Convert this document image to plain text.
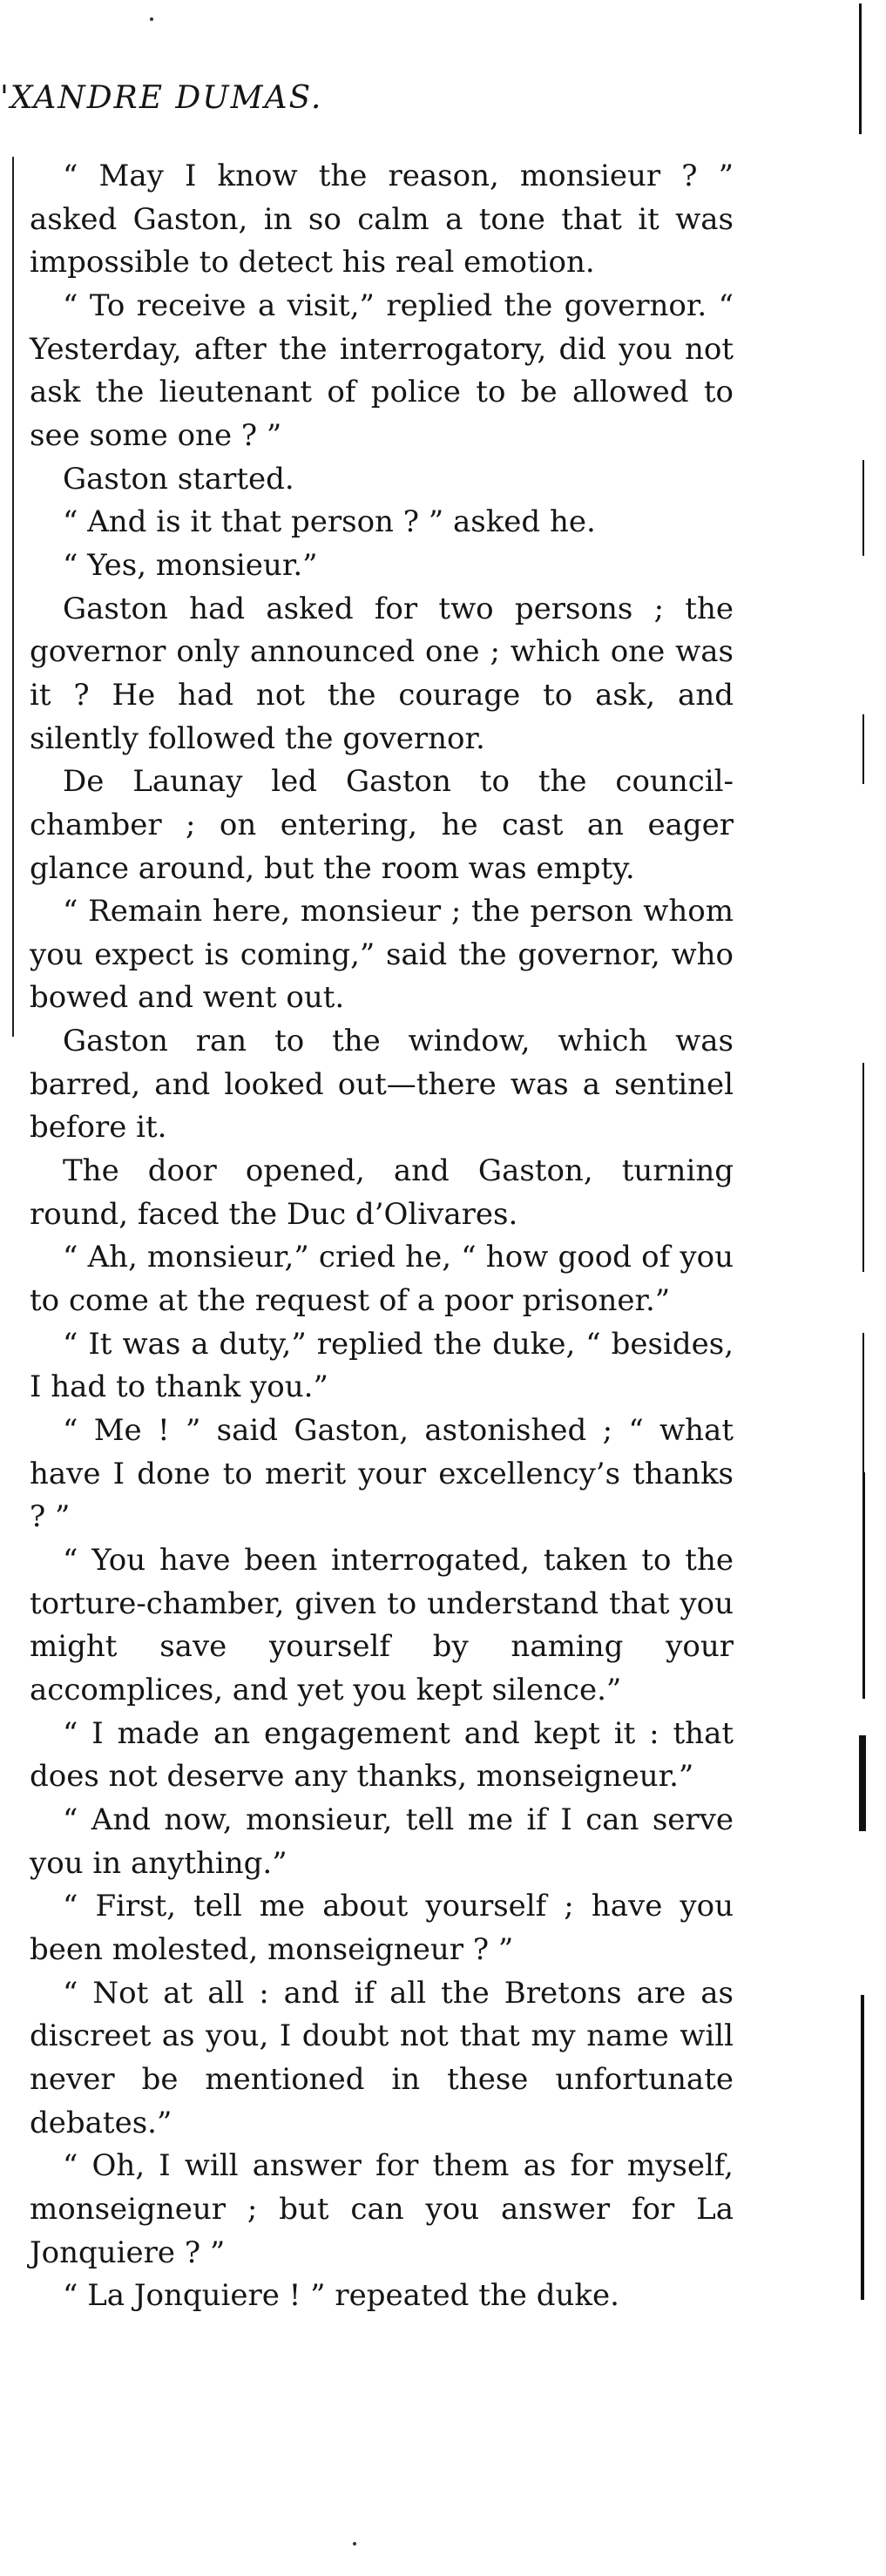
'XANDRE DUMAS.

“ May I know the reason, monsieur ? ” asked Gaston, in so calm a tone that it was impossible to detect his real emotion.

“ To receive a visit,” replied the governor. “ Yesterday, after the interrogatory, did you not ask the lieutenant of police to be allowed to see some one ? ”

Gaston started.

“ And is it that person ? ” asked he.

“ Yes, monsieur.”

Gaston had asked for two persons ; the governor only announced one ; which one was it ? He had not the courage to ask, and silently followed the governor.

De Launay led Gaston to the council-chamber ; on entering, he cast an eager glance around, but the room was empty.

“ Remain here, monsieur ; the person whom you expect is coming,” said the governor, who bowed and went out.

Gaston ran to the window, which was barred, and looked out—there was a sentinel before it.

The door opened, and Gaston, turning round, faced the Duc d’Olivares.

“ Ah, monsieur,” cried he, “ how good of you to come at the request of a poor prisoner.”

“ It was a duty,” replied the duke, “ besides, I had to thank you.”

“ Me ! ” said Gaston, astonished ; “ what have I done to merit your excellency’s thanks ? ”

“ You have been interrogated, taken to the torture-chamber, given to understand that you might save yourself by naming your accomplices, and yet you kept silence.”

“ I made an engagement and kept it : that does not deserve any thanks, monseigneur.”

“ And now, monsieur, tell me if I can serve you in anything.”

“ First, tell me about yourself ; have you been molested, monseigneur ? ”

“ Not at all : and if all the Bretons are as discreet as you, I doubt not that my name will never be mentioned in these unfortunate debates.”

“ Oh, I will answer for them as for myself, monseigneur ; but can you answer for La Jonquiere ? ”

“ La Jonquiere ! ” repeated the duke.
